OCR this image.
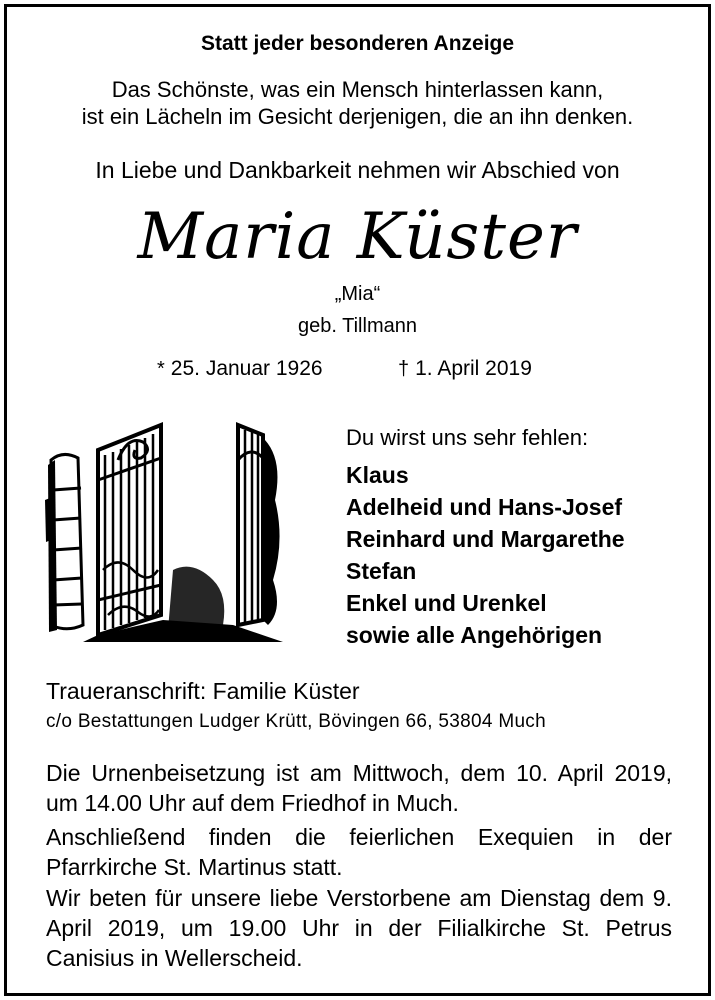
Statt jeder besonderen Anzeige
Das Schönste, was ein Mensch hinterlassen kann,
ist ein Lächeln im Gesicht derjenigen, die an ihn denken.
In Liebe und Dankbarkeit nehmen wir Abschied von
Maria Küster
„Mia“
geb. Tillmann
* 25. Januar 1926	† 1. April 2019
Du wirst uns sehr fehlen:
Klaus
Adelheid und Hans-Josef
Reinhard und Margarethe
Stefan
Enkel und Urenkel
sowie alle Angehörigen
Traueranschrift: Familie Küster
c/o Bestattungen Ludger Krütt, Bövingen 66, 53804 Much
Die Urnenbeisetzung ist am Mittwoch, dem 10. April 2019, um 14.00 Uhr auf dem Friedhof in Much.
Anschließend finden die feierlichen Exequien in der Pfarrkirche St. Martinus statt.
Wir beten für unsere liebe Verstorbene am Dienstag dem 9. April 2019, um 19.00 Uhr in der Filialkirche St. Petrus Canisius in Wellerscheid.
